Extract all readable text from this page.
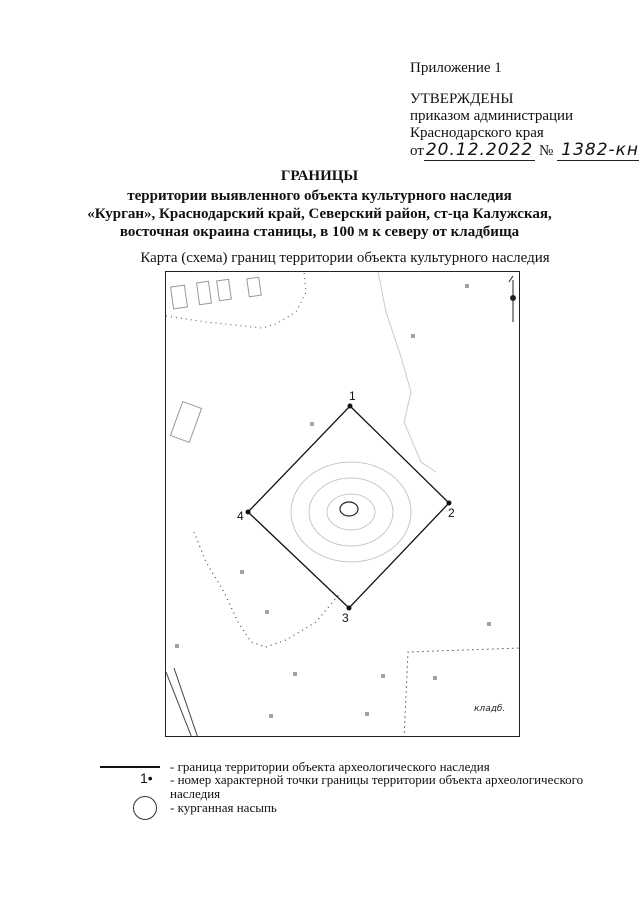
Приложение 1
УТВЕРЖДЕНЫ
приказом администрации
Краснодарского края
от 20.12.2022 № 1382-кн
ГРАНИЦЫ
территории выявленного объекта культурного наследия
«Курган», Краснодарский край, Северский район, ст-ца Калужская,
восточная окраина станицы, в 100 м к северу от кладбища
Карта (схема) границ территории объекта культурного наследия
1
2
3
4
кладб.
- граница территории объекта археологического наследия
1• - номер характерной точки границы территории объекта археологического
наследия
- курганная насыпь
